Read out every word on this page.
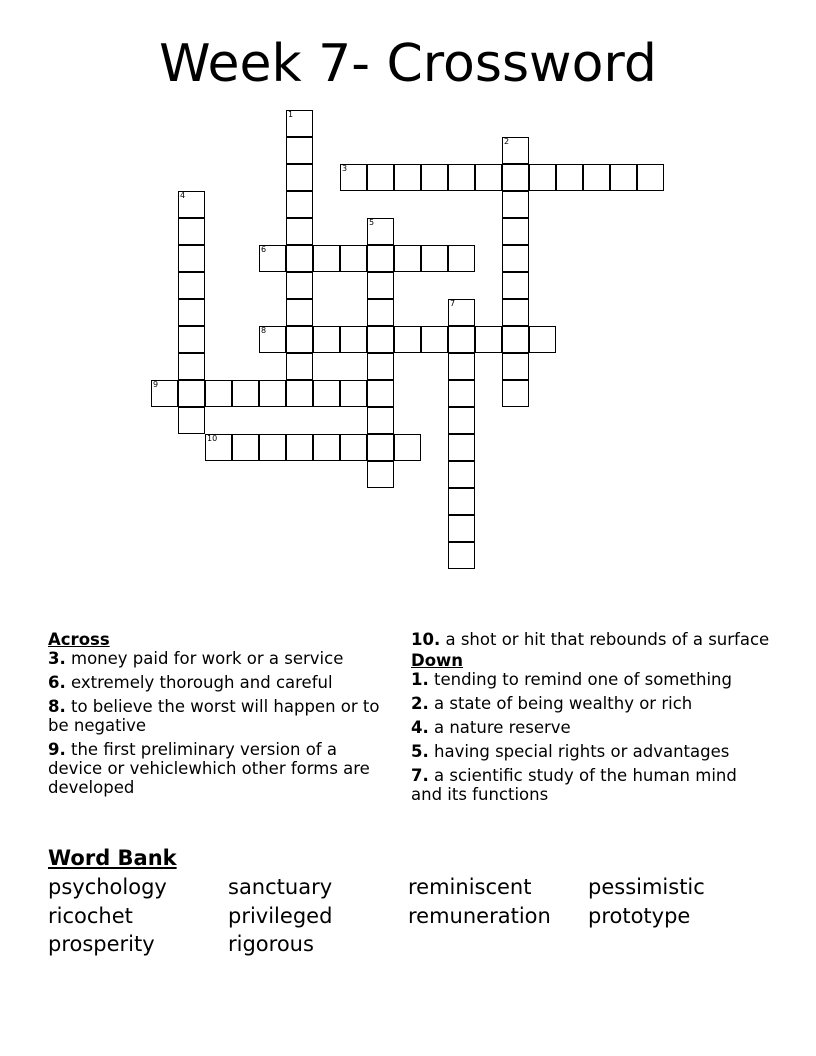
Week 7- Crossword
1
2
3
4
5
6
7
8
9
10
Across
3. money paid for work or a service
6. extremely thorough and careful
8. to believe the worst will happen or to be negative
9. the first preliminary version of a device or vehiclewhich other forms are developed
10. a shot or hit that rebounds of a surface
Down
1. tending to remind one of something
2. a state of being wealthy or rich
4. a nature reserve
5. having special rights or advantages
7. a scientific study of the human mind and its functions
Word Bank
psychology	sanctuary	reminiscent	pessimistic
ricochet	privileged	remuneration	prototype
prosperity	rigorous
